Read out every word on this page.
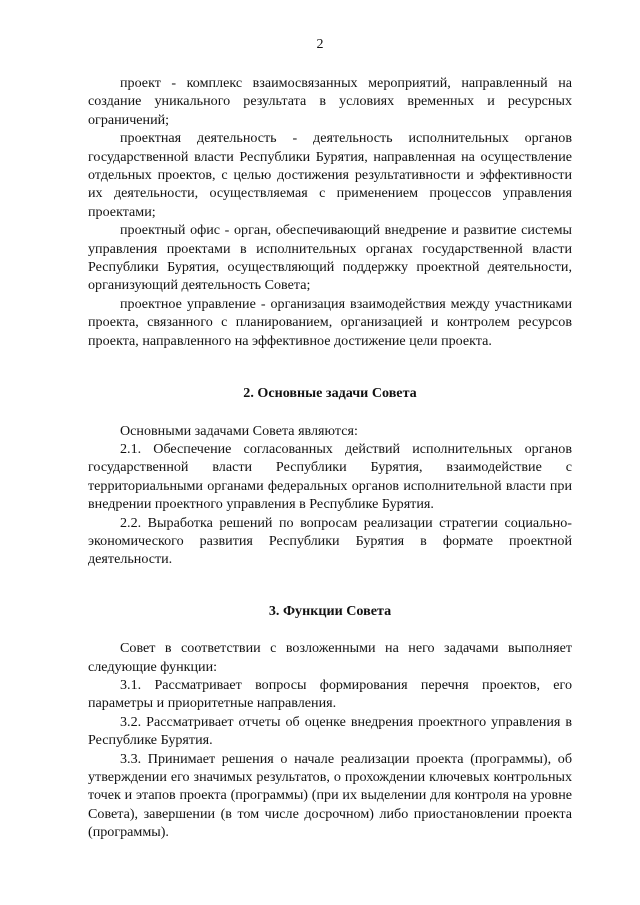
2

проект - комплекс взаимосвязанных мероприятий, направленный на создание уникального результата в условиях временных и ресурсных ограничений;

проектная деятельность - деятельность исполнительных органов государственной власти Республики Бурятия, направленная на осуществление отдельных проектов, с целью достижения результативности и эффективности их деятельности, осуществляемая с применением процессов управления проектами;

проектный офис - орган, обеспечивающий внедрение и развитие системы управления проектами в исполнительных органах государственной власти Республики Бурятия, осуществляющий поддержку проектной деятельности, организующий деятельность Совета;

проектное управление - организация взаимодействия между участниками проекта, связанного с планированием, организацией и контролем ресурсов проекта, направленного на эффективное достижение цели проекта.

2. Основные задачи Совета

Основными задачами Совета являются:

2.1. Обеспечение согласованных действий исполнительных органов государственной власти Республики Бурятия, взаимодействие с территориальными органами федеральных органов исполнительной власти при внедрении проектного управления в Республике Бурятия.

2.2. Выработка решений по вопросам реализации стратегии социально-экономического развития Республики Бурятия в формате проектной деятельности.

3. Функции Совета

Совет в соответствии с возложенными на него задачами выполняет следующие функции:

3.1. Рассматривает вопросы формирования перечня проектов, его параметры и приоритетные направления.

3.2. Рассматривает отчеты об оценке внедрения проектного управления в Республике Бурятия.

3.3. Принимает решения о начале реализации проекта (программы), об утверждении его значимых результатов, о прохождении ключевых контрольных точек и этапов проекта (программы) (при их выделении для контроля на уровне Совета), завершении (в том числе досрочном) либо приостановлении проекта (программы).
